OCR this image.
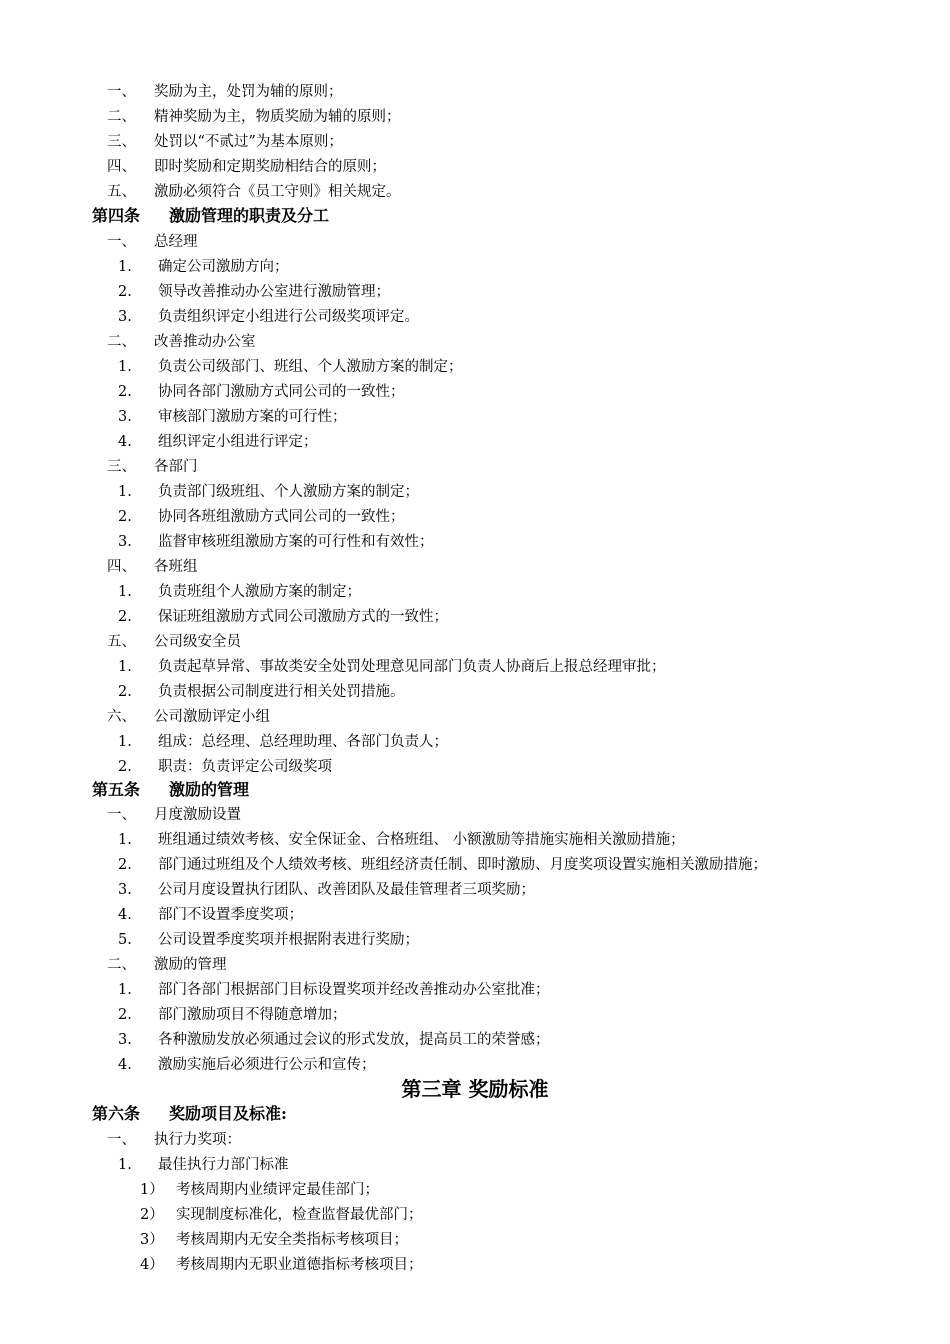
一、 奖励为主，处罚为辅的原则；
二、 精神奖励为主，物质奖励为辅的原则；
三、 处罚以“不贰过”为基本原则；
四、 即时奖励和定期奖励相结合的原则；
五、 激励必须符合《员工守则》相关规定。
第四条 激励管理的职责及分工
一、 总经理
1. 确定公司激励方向；
2. 领导改善推动办公室进行激励管理；
3. 负责组织评定小组进行公司级奖项评定。
二、 改善推动办公室
1. 负责公司级部门、班组、个人激励方案的制定；
2. 协同各部门激励方式同公司的一致性；
3. 审核部门激励方案的可行性；
4. 组织评定小组进行评定；
三、 各部门
1. 负责部门级班组、个人激励方案的制定；
2. 协同各班组激励方式同公司的一致性；
3. 监督审核班组激励方案的可行性和有效性；
四、 各班组
1. 负责班组个人激励方案的制定；
2. 保证班组激励方式同公司激励方式的一致性；
五、 公司级安全员
1. 负责起草异常、事故类安全处罚处理意见同部门负责人协商后上报总经理审批；
2. 负责根据公司制度进行相关处罚措施。
六、 公司激励评定小组
1. 组成：总经理、总经理助理、各部门负责人；
2. 职责：负责评定公司级奖项
第五条 激励的管理
一、 月度激励设置
1. 班组通过绩效考核、安全保证金、合格班组、 小额激励等措施实施相关激励措施；
2. 部门通过班组及个人绩效考核、班组经济责任制、即时激励、月度奖项设置实施相关激励措施；
3. 公司月度设置执行团队、改善团队及最佳管理者三项奖励；
4. 部门不设置季度奖项；
5. 公司设置季度奖项并根据附表进行奖励；
二、 激励的管理
1. 部门各部门根据部门目标设置奖项并经改善推动办公室批准；
2. 部门激励项目不得随意增加；
3. 各种激励发放必须通过会议的形式发放，提高员工的荣誉感；
4. 激励实施后必须进行公示和宣传；
第三章 奖励标准
第六条 奖励项目及标准:
一、 执行力奖项：
1. 最佳执行力部门标准
1） 考核周期内业绩评定最佳部门；
2） 实现制度标准化，检查监督最优部门；
3） 考核周期内无安全类指标考核项目；
4） 考核周期内无职业道德指标考核项目；
